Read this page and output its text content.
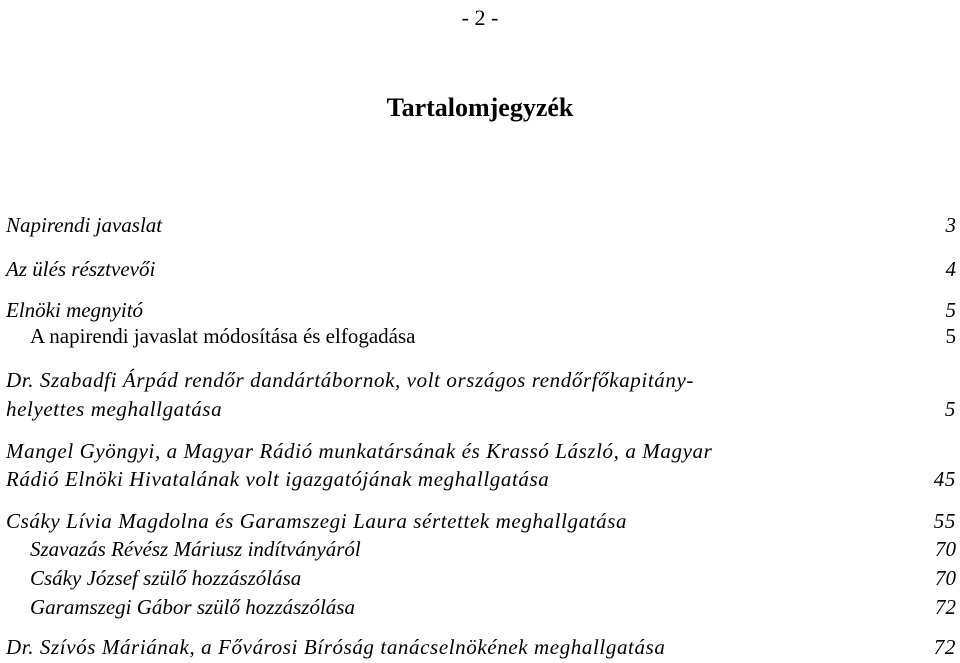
- 2 -
Tartalomjegyzék
Napirendi javaslat	3
Az ülés résztvevői	4
Elnöki megnyitó	5
A napirendi javaslat módosítása és elfogadása	5
Dr. Szabadfi Árpád rendőr dandártábornok, volt országos rendőrfőkapitány-
helyettes meghallgatása	5
Mangel Gyöngyi, a Magyar Rádió munkatársának és Krassó László, a Magyar
Rádió Elnöki Hivatalának volt igazgatójának meghallgatása	45
Csáky Lívia Magdolna és Garamszegi Laura sértettek meghallgatása	55
Szavazás Révész Máriusz indítványáról	70
Csáky József szülő hozzászólása	70
Garamszegi Gábor szülő hozzászólása	72
Dr. Szívós Máriának, a Fővárosi Bíróság tanácselnökének meghallgatása	72
